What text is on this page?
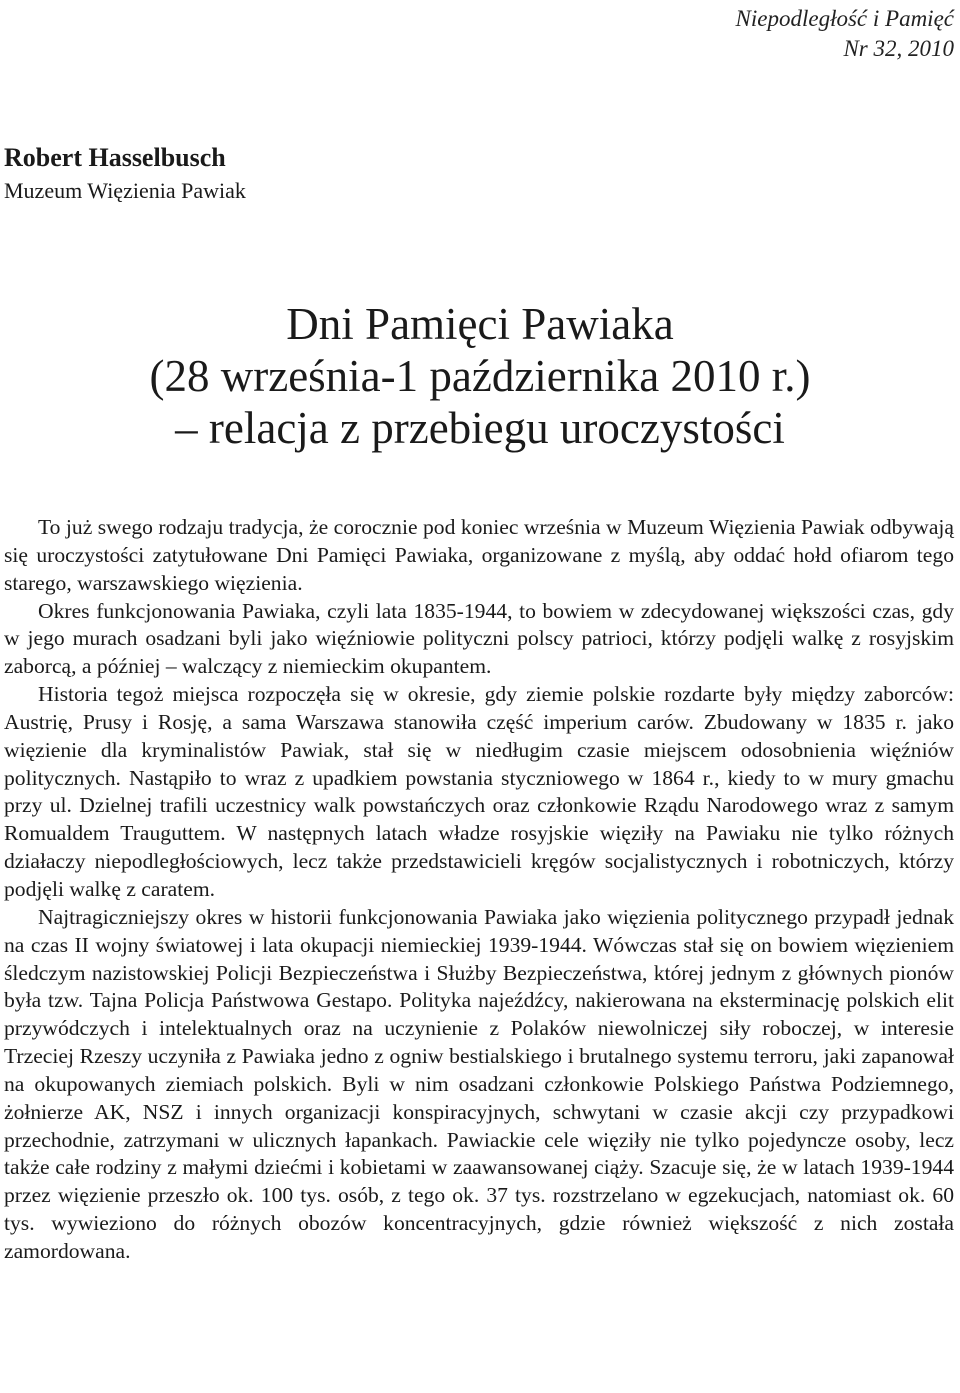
Niepodległość i Pamięć
Nr 32, 2010
Robert Hasselbusch
Muzeum Więzienia Pawiak
Dni Pamięci Pawiaka
(28 września-1 października 2010 r.)
– relacja z przebiegu uroczystości

To już swego rodzaju tradycja, że corocznie pod koniec września w Muzeum Więzienia Pawiak odbywają się uroczystości zatytułowane Dni Pamięci Pawiaka, organizowane z myślą, aby oddać hołd ofiarom tego starego, warszawskiego więzienia.

Okres funkcjonowania Pawiaka, czyli lata 1835-1944, to bowiem w zdecydowanej większości czas, gdy w jego murach osadzani byli jako więźniowie polityczni polscy patrioci, którzy podjęli walkę z rosyjskim zaborcą, a później – walczący z niemieckim okupantem.

Historia tegoż miejsca rozpoczęła się w okresie, gdy ziemie polskie rozdarte były między zaborców: Austrię, Prusy i Rosję, a sama Warszawa stanowiła część imperium carów. Zbudowany w 1835 r. jako więzienie dla kryminalistów Pawiak, stał się w niedługim czasie miejscem odosobnienia więźniów politycznych. Nastąpiło to wraz z upadkiem powstania styczniowego w 1864 r., kiedy to w mury gmachu przy ul. Dzielnej trafili uczestnicy walk powstańczych oraz członkowie Rządu Narodowego wraz z samym Romualdem Trauguttem. W następnych latach władze rosyjskie więziły na Pawiaku nie tylko różnych działaczy niepodległościowych, lecz także przedstawicieli kręgów socjalistycznych i robotniczych, którzy podjęli walkę z caratem.

Najtragiczniejszy okres w historii funkcjonowania Pawiaka jako więzienia politycznego przypadł jednak na czas II wojny światowej i lata okupacji niemieckiej 1939-1944. Wówczas stał się on bowiem więzieniem śledczym nazistowskiej Policji Bezpieczeństwa i Służby Bezpieczeństwa, której jednym z głównych pionów była tzw. Tajna Policja Państwowa Gestapo. Polityka najeźdźcy, nakierowana na eksterminację polskich elit przywódczych i intelektualnych oraz na uczynienie z Polaków niewolniczej siły roboczej, w interesie Trzeciej Rzeszy uczyniła z Pawiaka jedno z ogniw bestialskiego i brutalnego systemu terroru, jaki zapanował na okupowanych ziemiach polskich. Byli w nim osadzani członkowie Polskiego Państwa Podziemnego, żołnierze AK, NSZ i innych organizacji konspiracyjnych, schwytani w czasie akcji czy przypadkowi przechodnie, zatrzymani w ulicznych łapankach. Pawiackie cele więziły nie tylko pojedyncze osoby, lecz także całe rodziny z małymi dziećmi i kobietami w zaawansowanej ciąży. Szacuje się, że w latach 1939-1944 przez więzienie przeszło ok. 100 tys. osób, z tego ok. 37 tys. rozstrzelano w egzekucjach, natomiast ok. 60 tys. wywieziono do różnych obozów koncentracyjnych, gdzie również większość z nich została zamordowana.
